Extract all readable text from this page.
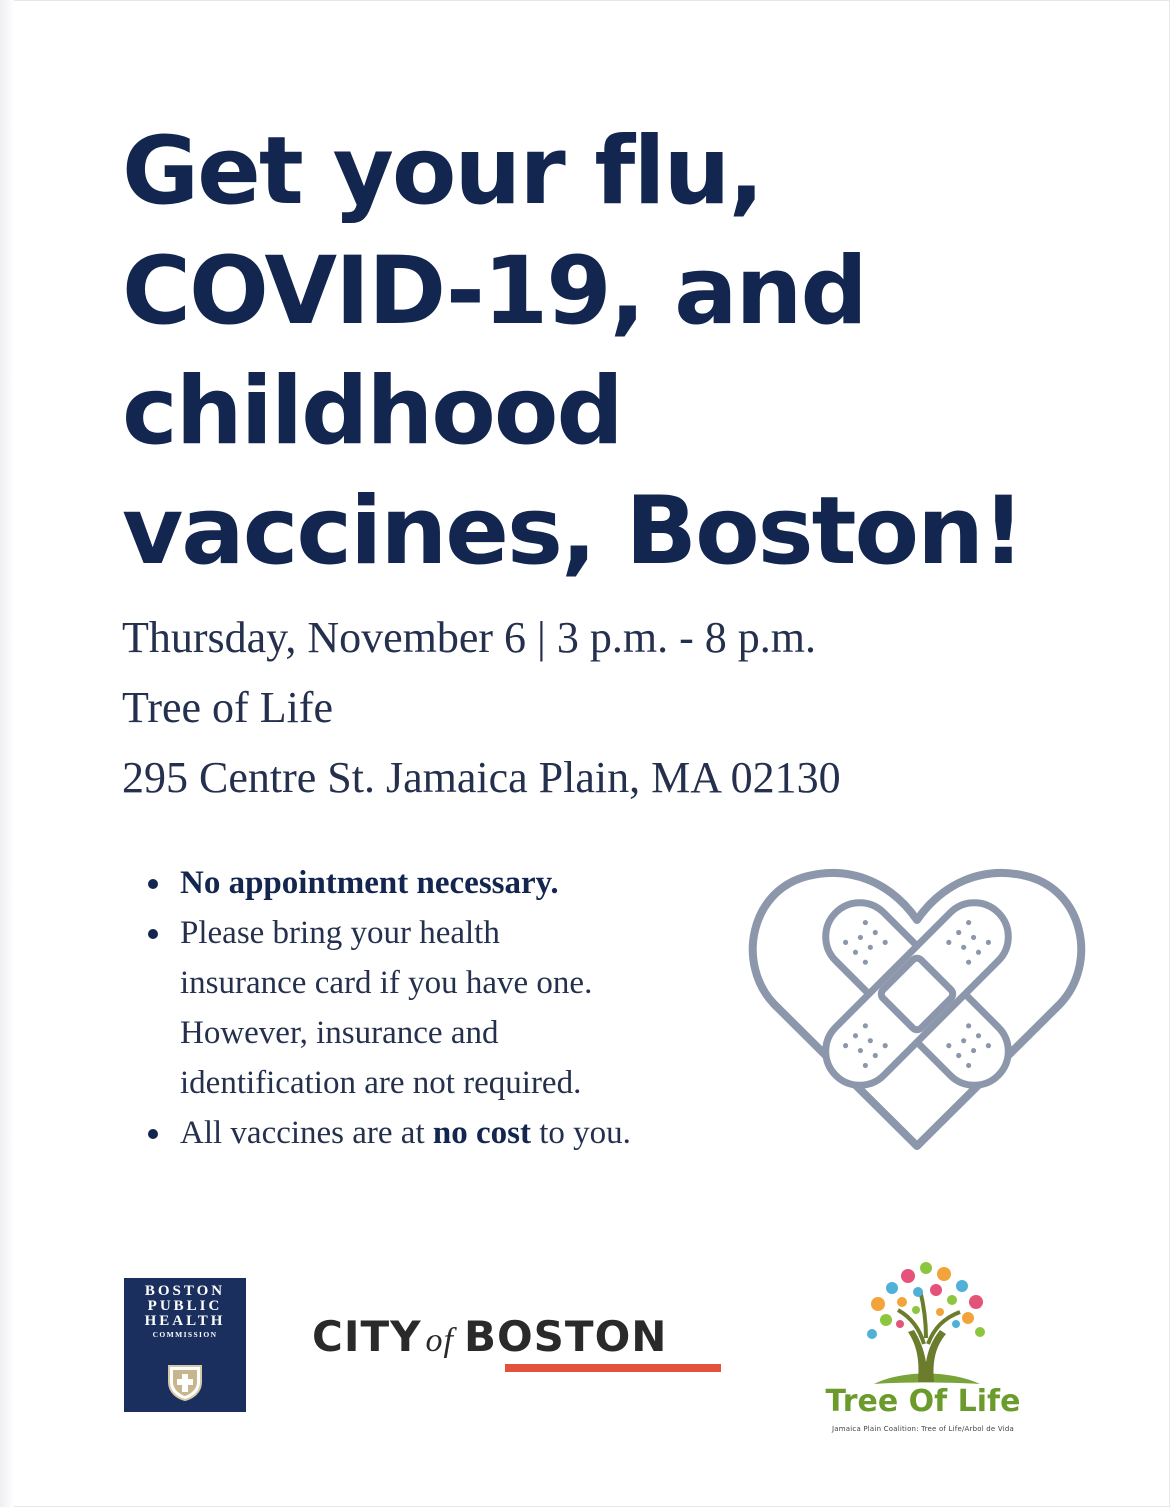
Get your flu,
COVID-19, and
childhood
vaccines, Boston!
Thursday, November 6 | 3 p.m. - 8 p.m.
Tree of Life
295 Centre St. Jamaica Plain, MA 02130
No appointment necessary.
Please bring your health
insurance card if you have one.
However, insurance and
identification are not required.
All vaccines are at no cost to you.
BOSTON
PUBLIC
HEALTH
COMMISSION	CITY of BOSTON
Tree Of Life
Jamaica Plain Coalition: Tree of Life/Arbol de Vida
